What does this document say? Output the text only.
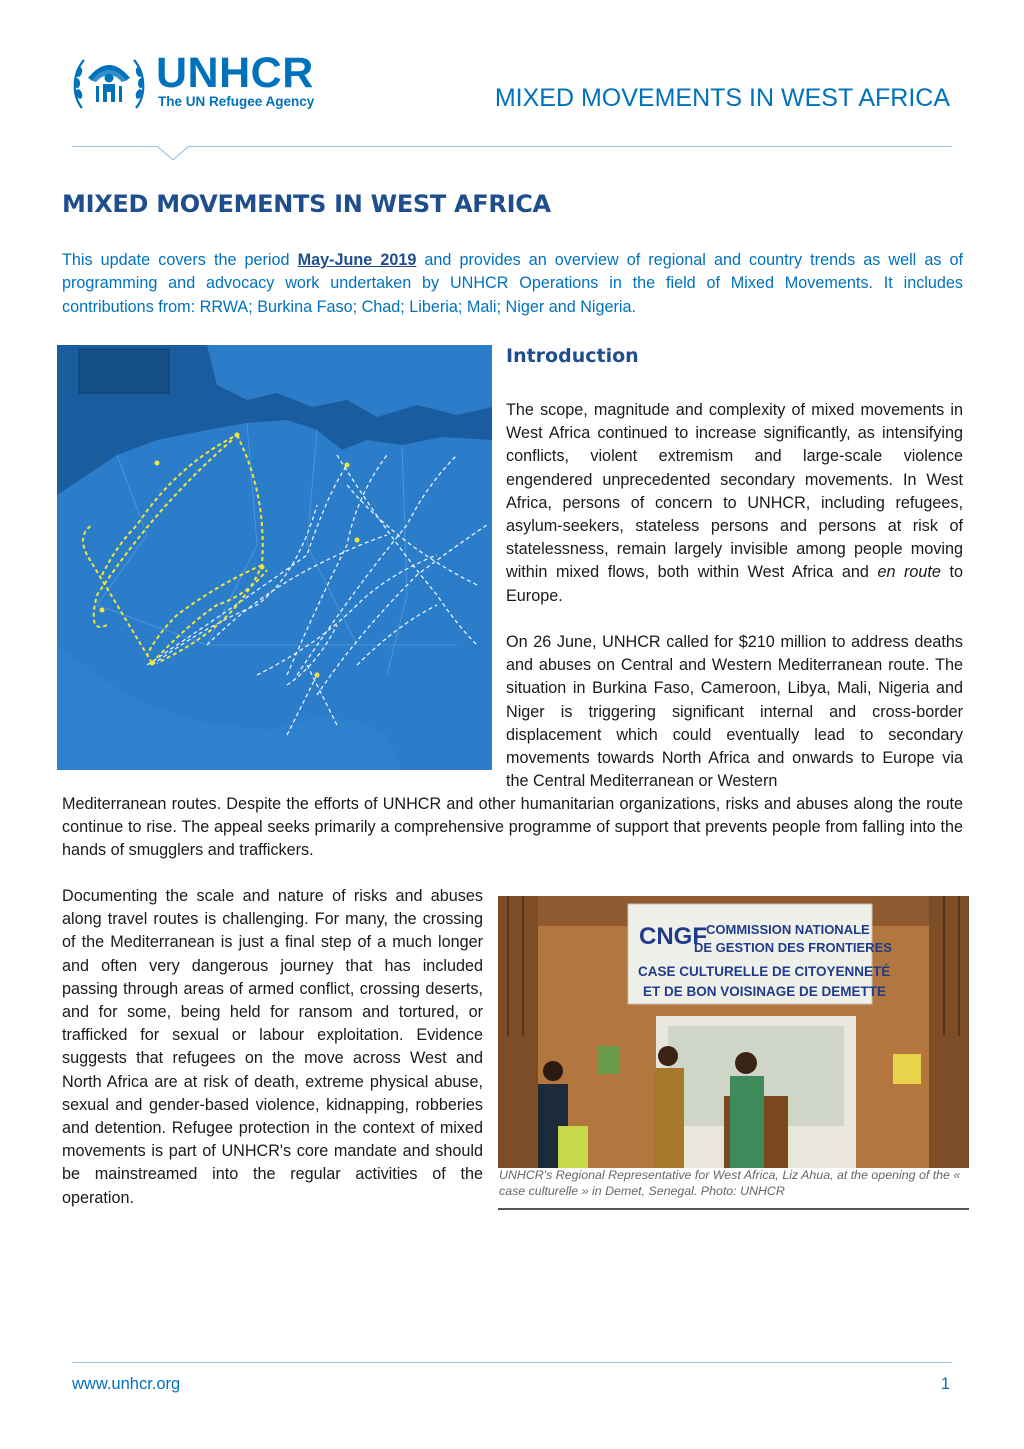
UNHCR
The UN Refugee Agency	MIXED MOVEMENTS IN WEST AFRICA
MIXED MOVEMENTS IN WEST AFRICA

This update covers the period May-June 2019 and provides an overview of regional and country trends as well as of programming and advocacy work undertaken by UNHCR Operations in the field of Mixed Movements. It includes contributions from: RRWA; Burkina Faso; Chad; Liberia; Mali; Niger and Nigeria.

Introduction

The scope, magnitude and complexity of mixed movements in West Africa continued to increase significantly, as intensifying conflicts, violent extremism and large-scale violence engendered unprecedented secondary movements. In West Africa, persons of concern to UNHCR, including refugees, asylum-seekers, stateless persons and persons at risk of statelessness, remain largely invisible among people moving within mixed flows, both within West Africa and en route to Europe.

On 26 June, UNHCR called for $210 million to address deaths and abuses on Central and Western Mediterranean route. The situation in Burkina Faso, Cameroon, Libya, Mali, Nigeria and Niger is triggering significant internal and cross-border displacement which could eventually lead to secondary movements towards North Africa and onwards to Europe via the Central Mediterranean or Western

Mediterranean routes. Despite the efforts of UNHCR and other humanitarian organizations, risks and abuses along the route continue to rise. The appeal seeks primarily a comprehensive programme of support that prevents people from falling into the hands of smugglers and traffickers.

Documenting the scale and nature of risks and abuses along travel routes is challenging. For many, the crossing of the Mediterranean is just a final step of a much longer and often very dangerous journey that has included passing through areas of armed conflict, crossing deserts, and for some, being held for ransom and tortured, or trafficked for sexual or labour exploitation. Evidence suggests that refugees on the move across West and North Africa are at risk of death, extreme physical abuse, sexual and gender-based violence, kidnapping, robberies and detention. Refugee protection in the context of mixed movements is part of UNHCR's core mandate and should be mainstreamed into the regular activities of the operation.

CNGF COMMISSION NATIONALE
DE GESTION DES FRONTIERES
CASE CULTURELLE DE CITOYENNETÉ
ET DE BON VOISINAGE DE DEMETTE
UNHCR's Regional Representative for West Africa, Liz Ahua, at the opening of the « case culturelle » in Demet, Senegal. Photo: UNHCR
www.unhcr.org	1
